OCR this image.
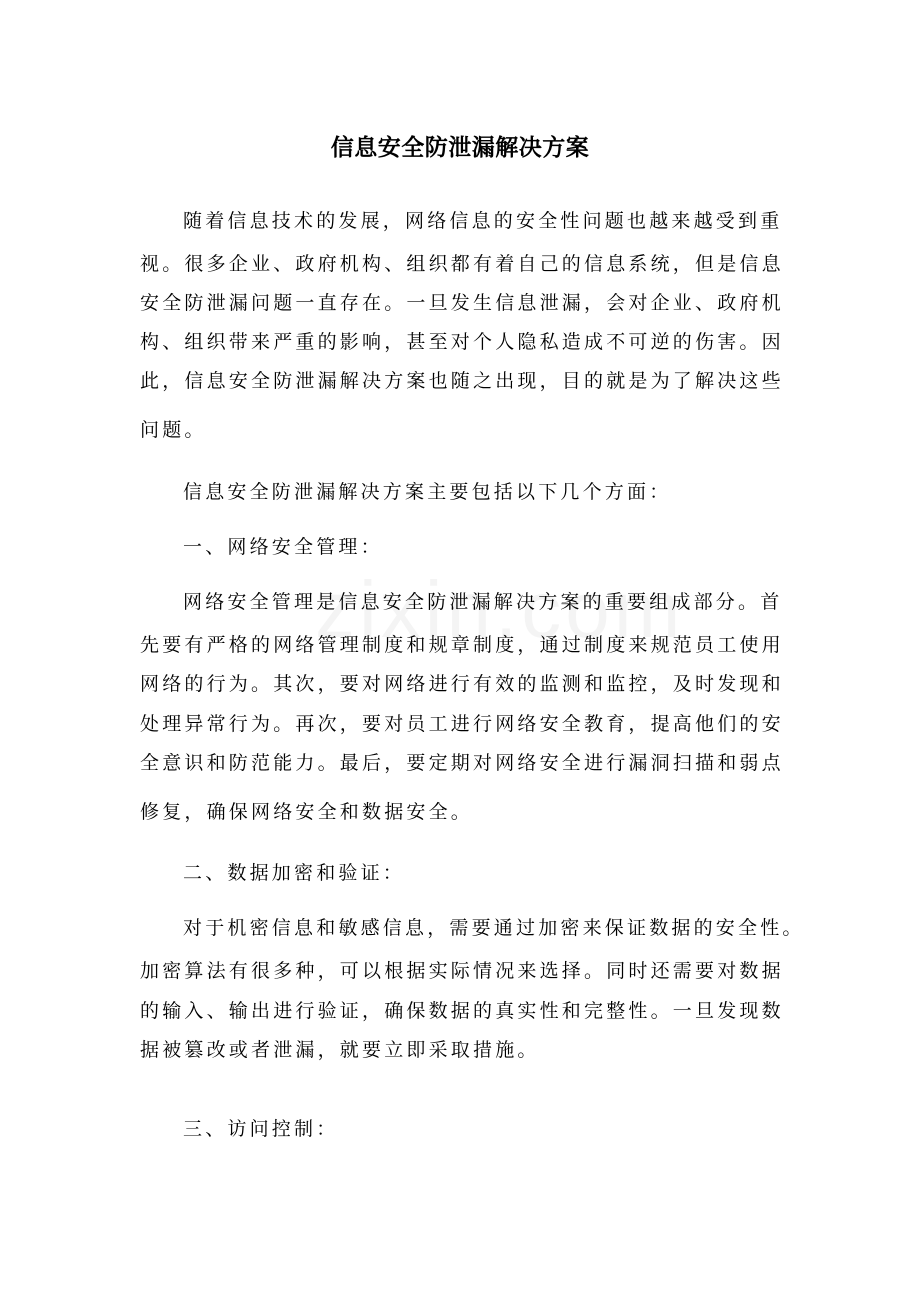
信息安全防泄漏解决方案

随着信息技术的发展，网络信息的安全性问题也越来越受到重

视。很多企业、政府机构、组织都有着自己的信息系统，但是信息

安全防泄漏问题一直存在。一旦发生信息泄漏，会对企业、政府机

构、组织带来严重的影响，甚至对个人隐私造成不可逆的伤害。因

此，信息安全防泄漏解决方案也随之出现，目的就是为了解决这些

问题。

信息安全防泄漏解决方案主要包括以下几个方面：

一、网络安全管理：

网络安全管理是信息安全防泄漏解决方案的重要组成部分。首

先要有严格的网络管理制度和规章制度，通过制度来规范员工使用

网络的行为。其次，要对网络进行有效的监测和监控，及时发现和

处理异常行为。再次，要对员工进行网络安全教育，提高他们的安

全意识和防范能力。最后，要定期对网络安全进行漏洞扫描和弱点

修复，确保网络安全和数据安全。

二、数据加密和验证：

对于机密信息和敏感信息，需要通过加密来保证数据的安全性。

加密算法有很多种，可以根据实际情况来选择。同时还需要对数据

的输入、输出进行验证，确保数据的真实性和完整性。一旦发现数

据被篡改或者泄漏，就要立即采取措施。

三、访问控制：
